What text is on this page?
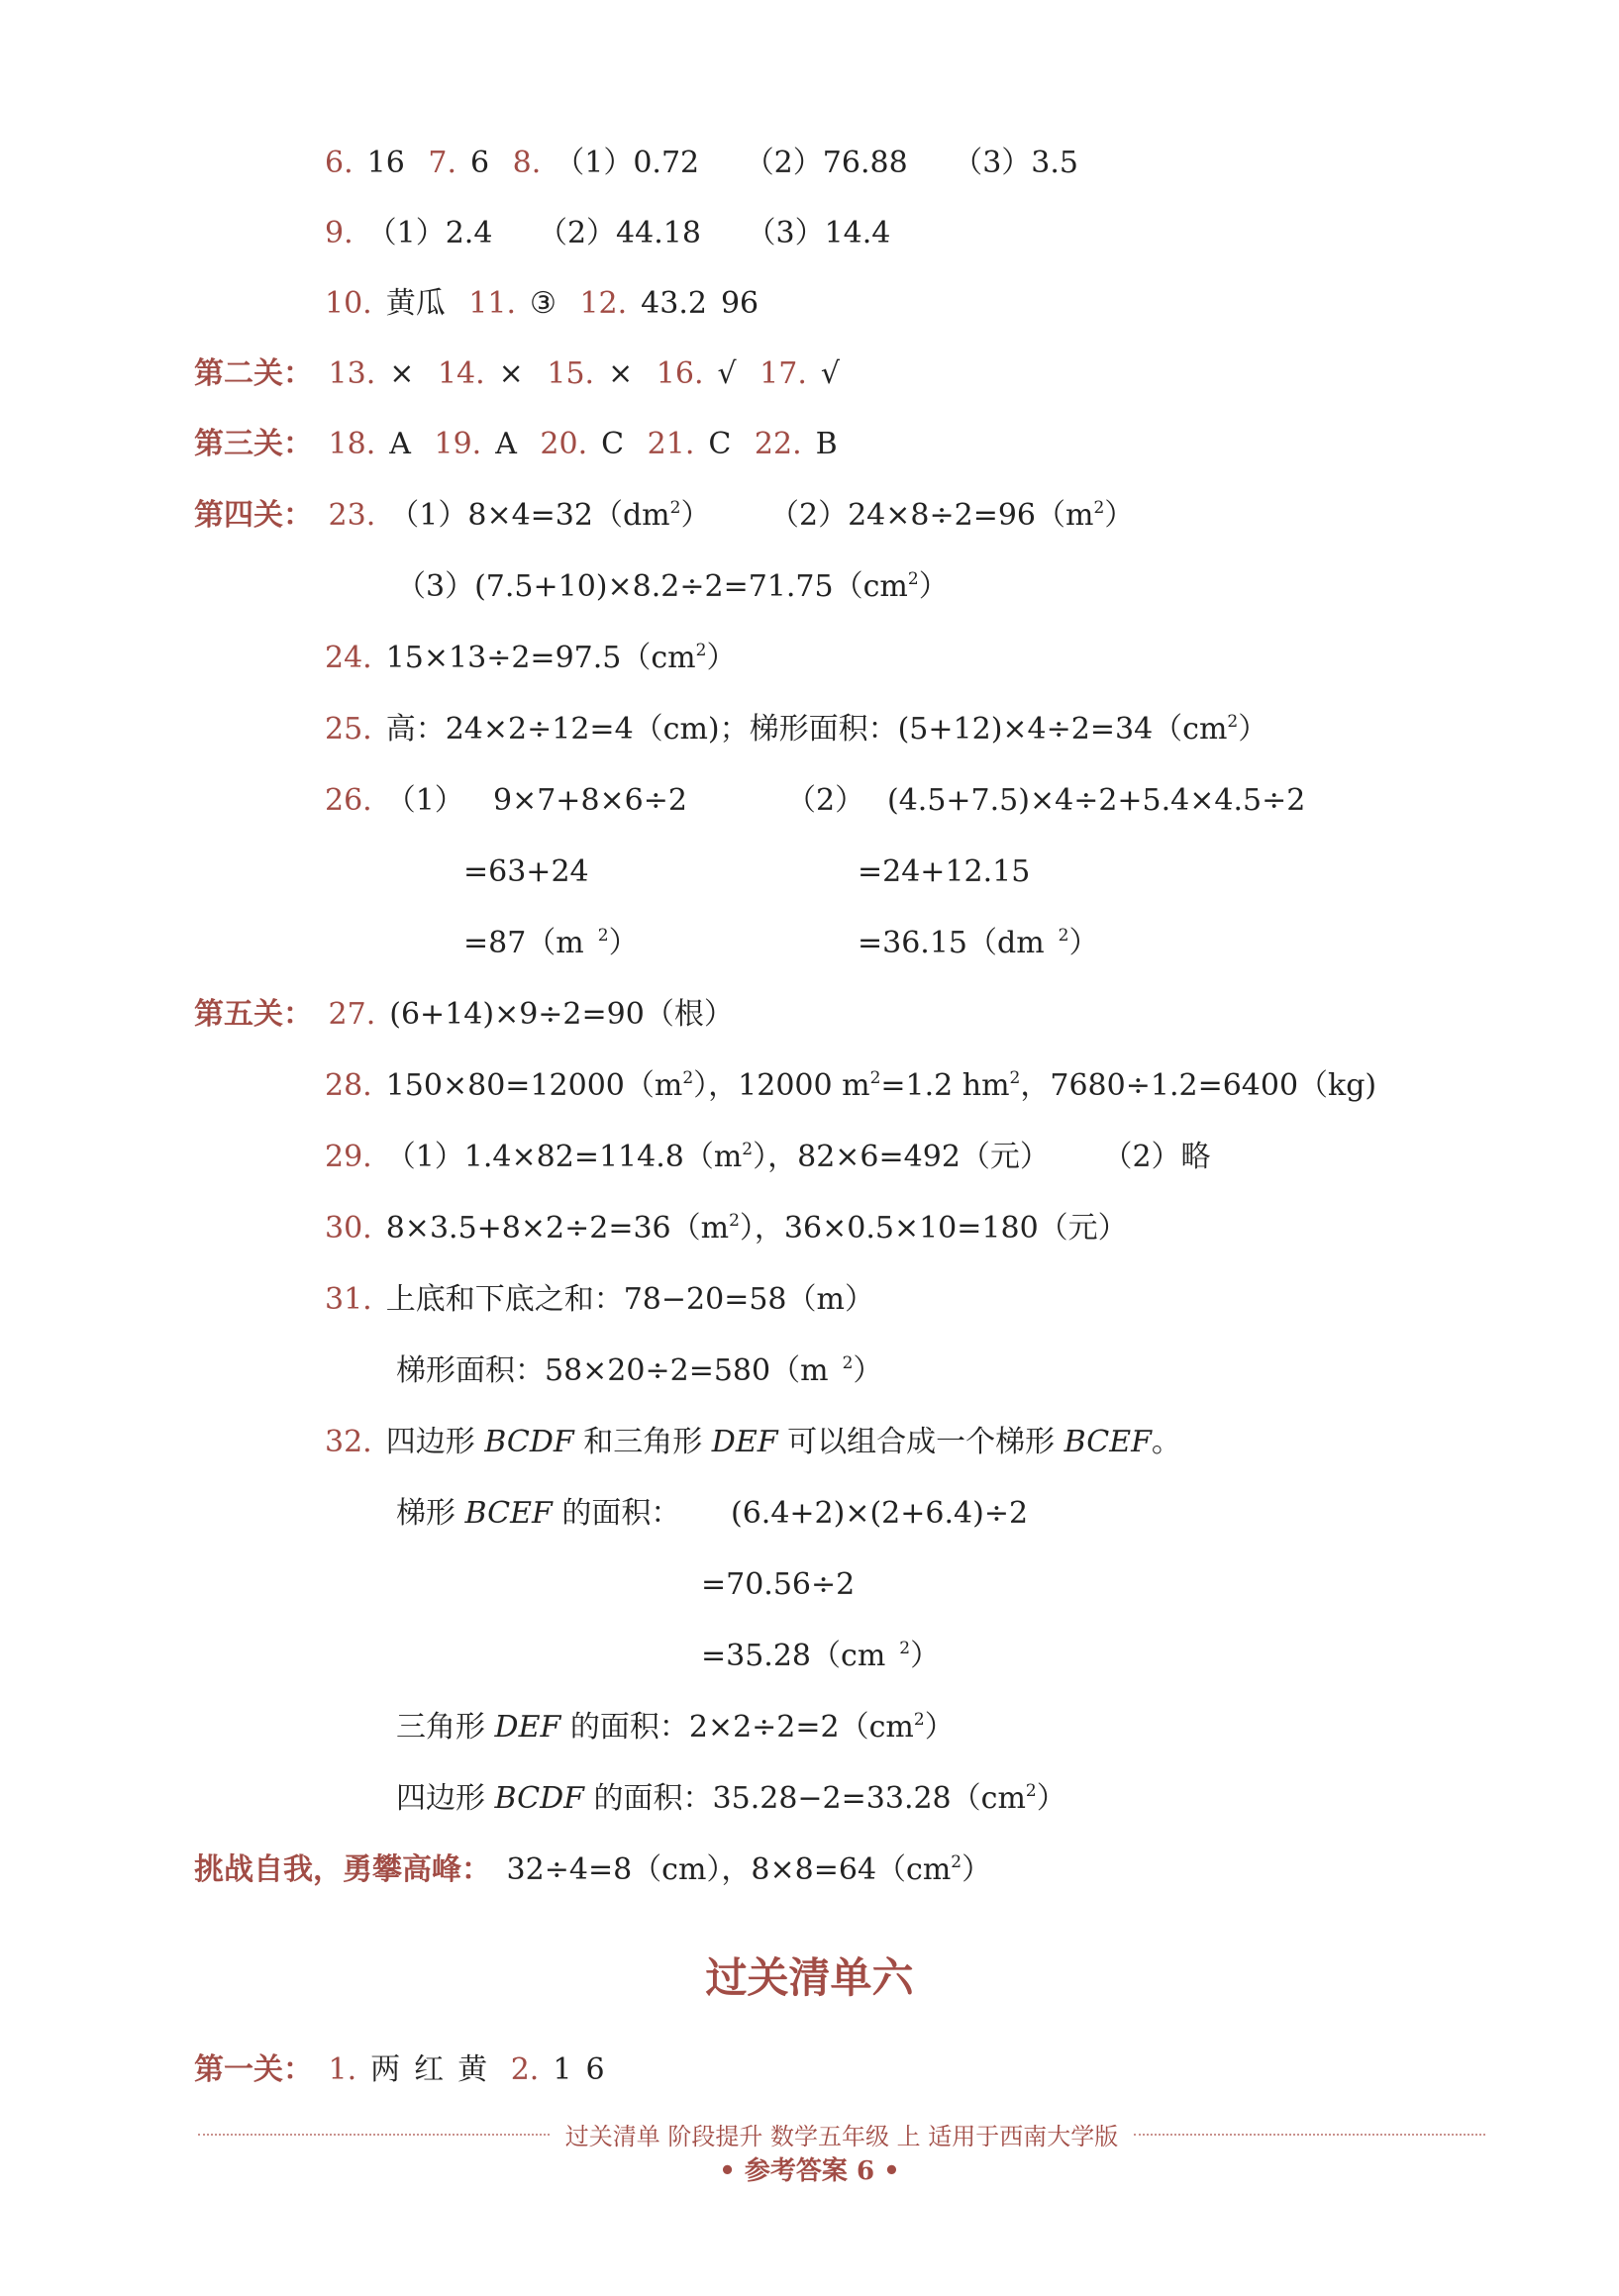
6. 16 7. 6 8. （1）0.72 （2）76.88 （3）3.5
9. （1）2.4 （2）44.18 （3）14.4
10. 黄瓜 11. ③ 12. 43.2 96
第二关： 13. × 14. × 15. × 16. √ 17. √
第三关： 18. A 19. A 20. C 21. C 22. B
第四关： 23. $(1)8\times 4=32(dm^2)$ $(2)24\times 8\div 2=96(m^2)$
$(3)(7.5+10)\times 8.2\div 2=71.75(cm^2)$
24. $15\times 13\div 2=97.5(cm^2)$
25. 高：24×2÷12=4（cm)；梯形面积：$(5+12)\times 4\div 2=34(cm^2)$
26. （1） 9×7+8×6÷2	（2） (4.5+7.5)×4÷2+5.4×4.5÷2
=63+24	=24+12.15
=87（m $^2$）	=36.15（dm $^2$）
第五关： 27. (6+14)×9÷2=90（根）
28. $150\times 80=12000(m^2)$，12000 $m^2=1.2$ $hm^2$，7680÷1.2=6400（kg)
29. $(1)1.4\times 82=114.8(m^2)$，82×6=492（元） （2）略
30. $8\times 3.5+8\times 2\div 2=36(m^2)$，36×0.5×10=180（元）
31. 上底和下底之和：78−20=58（m）
梯形面积：58×20÷2=580（m $^2$）
32. 四边形 BCDF 和三角形 DEF 可以组合成一个梯形 BCEF。
梯形 BCEF 的面积：	(6.4+2)×(2+6.4)÷2
=70.56÷2
=35.28（cm $^2$）
三角形 DEF 的面积：$2\times 2\div 2=2(cm^2)$
四边形 BCDF 的面积：$35.28-2=33.28(cm^2)$
挑战自我，勇攀高峰： 32÷4=8（cm），$8\times 8=64(cm^2)$
过关清单六
第一关： 1. 两 红 黄 2. 1 6
过关清单 阶段提升 数学五年级 上 适用于西南大学版
• 参考答案 6 •
